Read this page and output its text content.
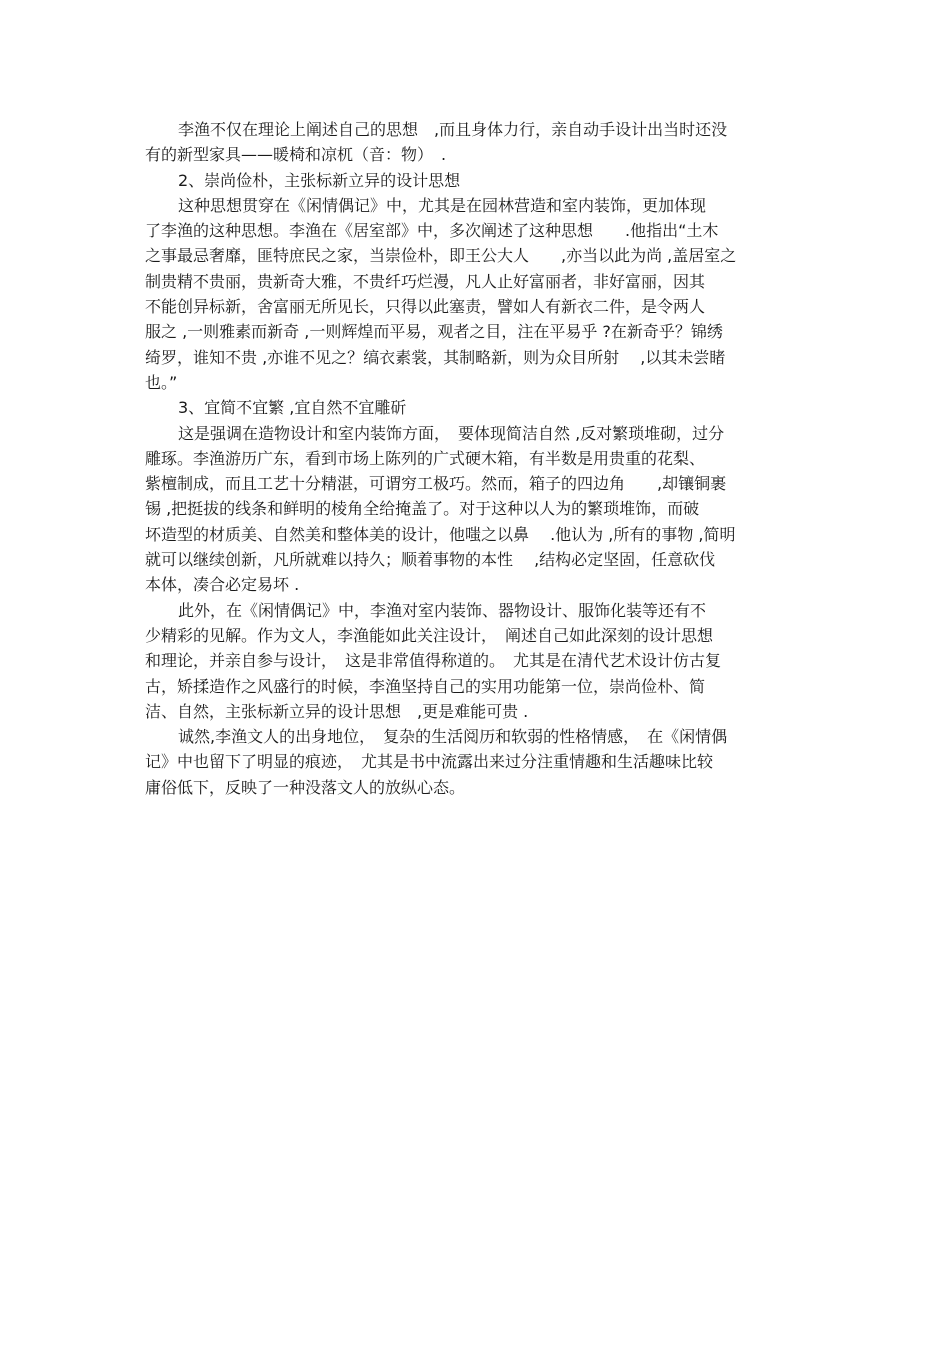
李渔不仅在理论上阐述自己的思想　,而且身体力行，亲自动手设计出当时还没
有的新型家具——暖椅和凉杌（音：物）　.
2、崇尚俭朴，主张标新立异的设计思想
这种思想贯穿在《闲情偶记》中，尤其是在园林营造和室内装饰，更加体现
了李渔的这种思想。李渔在《居室部》中，多次阐述了这种思想　　.他指出“土木
之事最忌奢靡，匪特庶民之家，当崇俭朴，即王公大人　　,亦当以此为尚 ,盖居室之
制贵精不贵丽，贵新奇大雅，不贵纤巧烂漫，凡人止好富丽者，非好富丽，因其
不能创异标新，舍富丽无所见长，只得以此塞责，譬如人有新衣二件，是令两人
服之 ,一则雅素而新奇 ,一则辉煌而平易，观者之目，注在平易乎 ?在新奇乎？锦绣
绮罗，谁知不贵 ,亦谁不见之？缟衣素裳，其制略新，则为众目所射　 ,以其未尝睹
也。”
3、宜简不宜繁 ,宜自然不宜雕斫
这是强调在造物设计和室内装饰方面，　要体现简洁自然 ,反对繁琐堆砌，过分
雕琢。李渔游历广东，看到市场上陈列的广式硬木箱，有半数是用贵重的花梨、
紫檀制成，而且工艺十分精湛，可谓穷工极巧。然而，箱子的四边角　　,却镶铜裹
锡 ,把挺拔的线条和鲜明的棱角全给掩盖了。对于这种以人为的繁琐堆饰，而破
坏造型的材质美、自然美和整体美的设计，他嗤之以鼻　 .他认为 ,所有的事物 ,简明
就可以继续创新，凡所就难以持久；顺着事物的本性　 ,结构必定坚固，任意砍伐
本体，凑合必定易坏 .
此外，在《闲情偶记》中，李渔对室内装饰、器物设计、服饰化装等还有不
少精彩的见解。作为文人，李渔能如此关注设计，　阐述自己如此深刻的设计思想
和理论，并亲自参与设计，　这是非常值得称道的。　尤其是在清代艺术设计仿古复
古，矫揉造作之风盛行的时候，李渔坚持自己的实用功能第一位，崇尚俭朴、简
洁、自然，主张标新立异的设计思想　,更是难能可贵 .
诚然,李渔文人的出身地位，　复杂的生活阅历和软弱的性格情感，　在《闲情偶
记》中也留下了明显的痕迹，　尤其是书中流露出来过分注重情趣和生活趣味比较
庸俗低下，反映了一种没落文人的放纵心态。
